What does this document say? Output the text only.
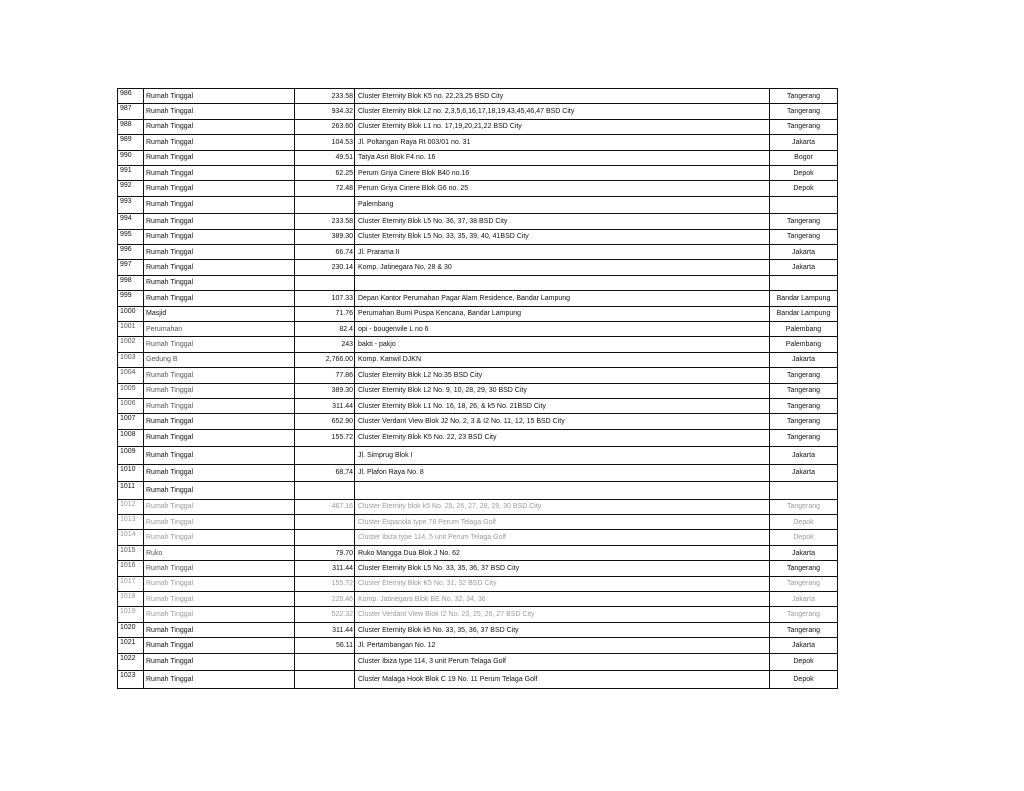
986	Rumah Tinggal	233.58	Cluster Eternity Blok K5 no. 22,23,25 BSD City	Tangerang
987	Rumah Tinggal	934.32	Cluster Eternity Blok L2 no. 2,3,5,6,16,17,18,19,43,45,46,47 BSD City	Tangerang
988	Rumah Tinggal	263.60	Cluster Eternity Blok L1 no. 17,19,20,21,22 BSD City	Tangerang
989	Rumah Tinggal	104.53	Jl. Poltangan Raya Rt 003/01 no. 31	Jakarta
990	Rumah Tinggal	49.51	Tatya Asri Blok F4 no. 16	Bogor
991	Rumah Tinggal	62.25	Perum Griya Cinere Blok B40 no.16	Depok
992	Rumah Tinggal	72.48	Perum Griya Cinere Blok G6 no. 25	Depok
993	Rumah Tinggal		Palembang	
994	Rumah Tinggal	233.58	Cluster Eternity Blok L5 No. 36, 37, 38 BSD City	Tangerang
995	Rumah Tinggal	389.30	Cluster Eternity Blok L5 No. 33, 35, 39, 40, 41BSD City	Tangerang
996	Rumah Tinggal	66.74	Jl. Prarama II	Jakarta
997	Rumah Tinggal	230.14	Komp. Jatinegara No, 28 & 30	Jakarta
998	Rumah Tinggal			
999	Rumah Tinggal	107.33	Depan Kantor Perumahan Pagar Alam Residence, Bandar Lampung	Bandar Lampung
1000	Masjid	71.76	Perumahan Bumi Puspa Kencana, Bandar Lampung	Bandar Lampung
1001	Perumahan	82.4	opi - bougenvile L no 6	Palembang
1002	Rumah Tinggal	243	bakti - pakjo	Palembang
1003	Gedung B	2,766.00	Komp. Kanwil DJKN	Jakarta
1004	Rumah Tinggal	77.86	Cluster Eternity Blok L2 No.35 BSD City	Tangerang
1005	Rumah Tinggal	389.30	Cluster Eternity Blok L2 No. 9, 10, 28, 29, 30 BSD City	Tangerang
1006	Rumah Tinggal	311.44	Cluster Eternity Blok L1 No. 16, 18, 26, & k5 No. 21BSD City	Tangerang
1007	Rumah Tinggal	652.90	Cluster Verdant View Blok J2 No. 2, 3 & I2 No. 11, 12, 15 BSD City	Tangerang
1008	Rumah Tinggal	155.72	Cluster Eternity Blok K5 No. 22, 23 BSD City	Tangerang
1009	Rumah Tinggal		Jl. Simprug Blok I	Jakarta
1010	Rumah Tinggal	68.74	Jl. Plafon Raya No. 8	Jakarta
1011	Rumah Tinggal			
1012	Rumah Tinggal	467.16	Cluster Eternity blok k5 No. 25, 26, 27, 28, 29, 30 BSD City	Tangerang
1013	Rumah Tinggal		Cluster Espanola type 78 Perum Telaga Golf	Depok
1014	Rumah Tinggal		Cluster Ibiza type 114, 5 unit Perum Telaga Golf	Depok
1015	Ruko	79.70	Ruko Mangga Dua Blok J No. 62	Jakarta
1016	Rumah Tinggal	311.44	Cluster Eternity Blok L5 No. 33, 35, 36, 37 BSD City	Tangerang
1017	Rumah Tinggal	155.72	Cluster Eternity Blok K5 No. 31, 32 BSD City	Tangerang
1018	Rumah Tinggal	228.46	Komp. Jatinegara Blok BE No. 32, 34, 36	Jakarta
1019	Rumah Tinggal	522.32	Cluster Verdant View Blok I2 No. 23, 25, 26, 27 BSD City	Tangerang
1020	Rumah Tinggal	311.44	Cluster Eternity Blok k5 No. 33, 35, 36, 37 BSD City	Tangerang
1021	Rumah Tinggal	56.11	Jl. Pertambangan No. 12	Jakarta
1022	Rumah Tinggal		Cluster Ibiza type 114, 3 unit Perum Telaga Golf	Depok
1023	Rumah Tinggal		Cluster Malaga Hook Blok C 19 No. 11 Perum Telaga Golf	Depok
